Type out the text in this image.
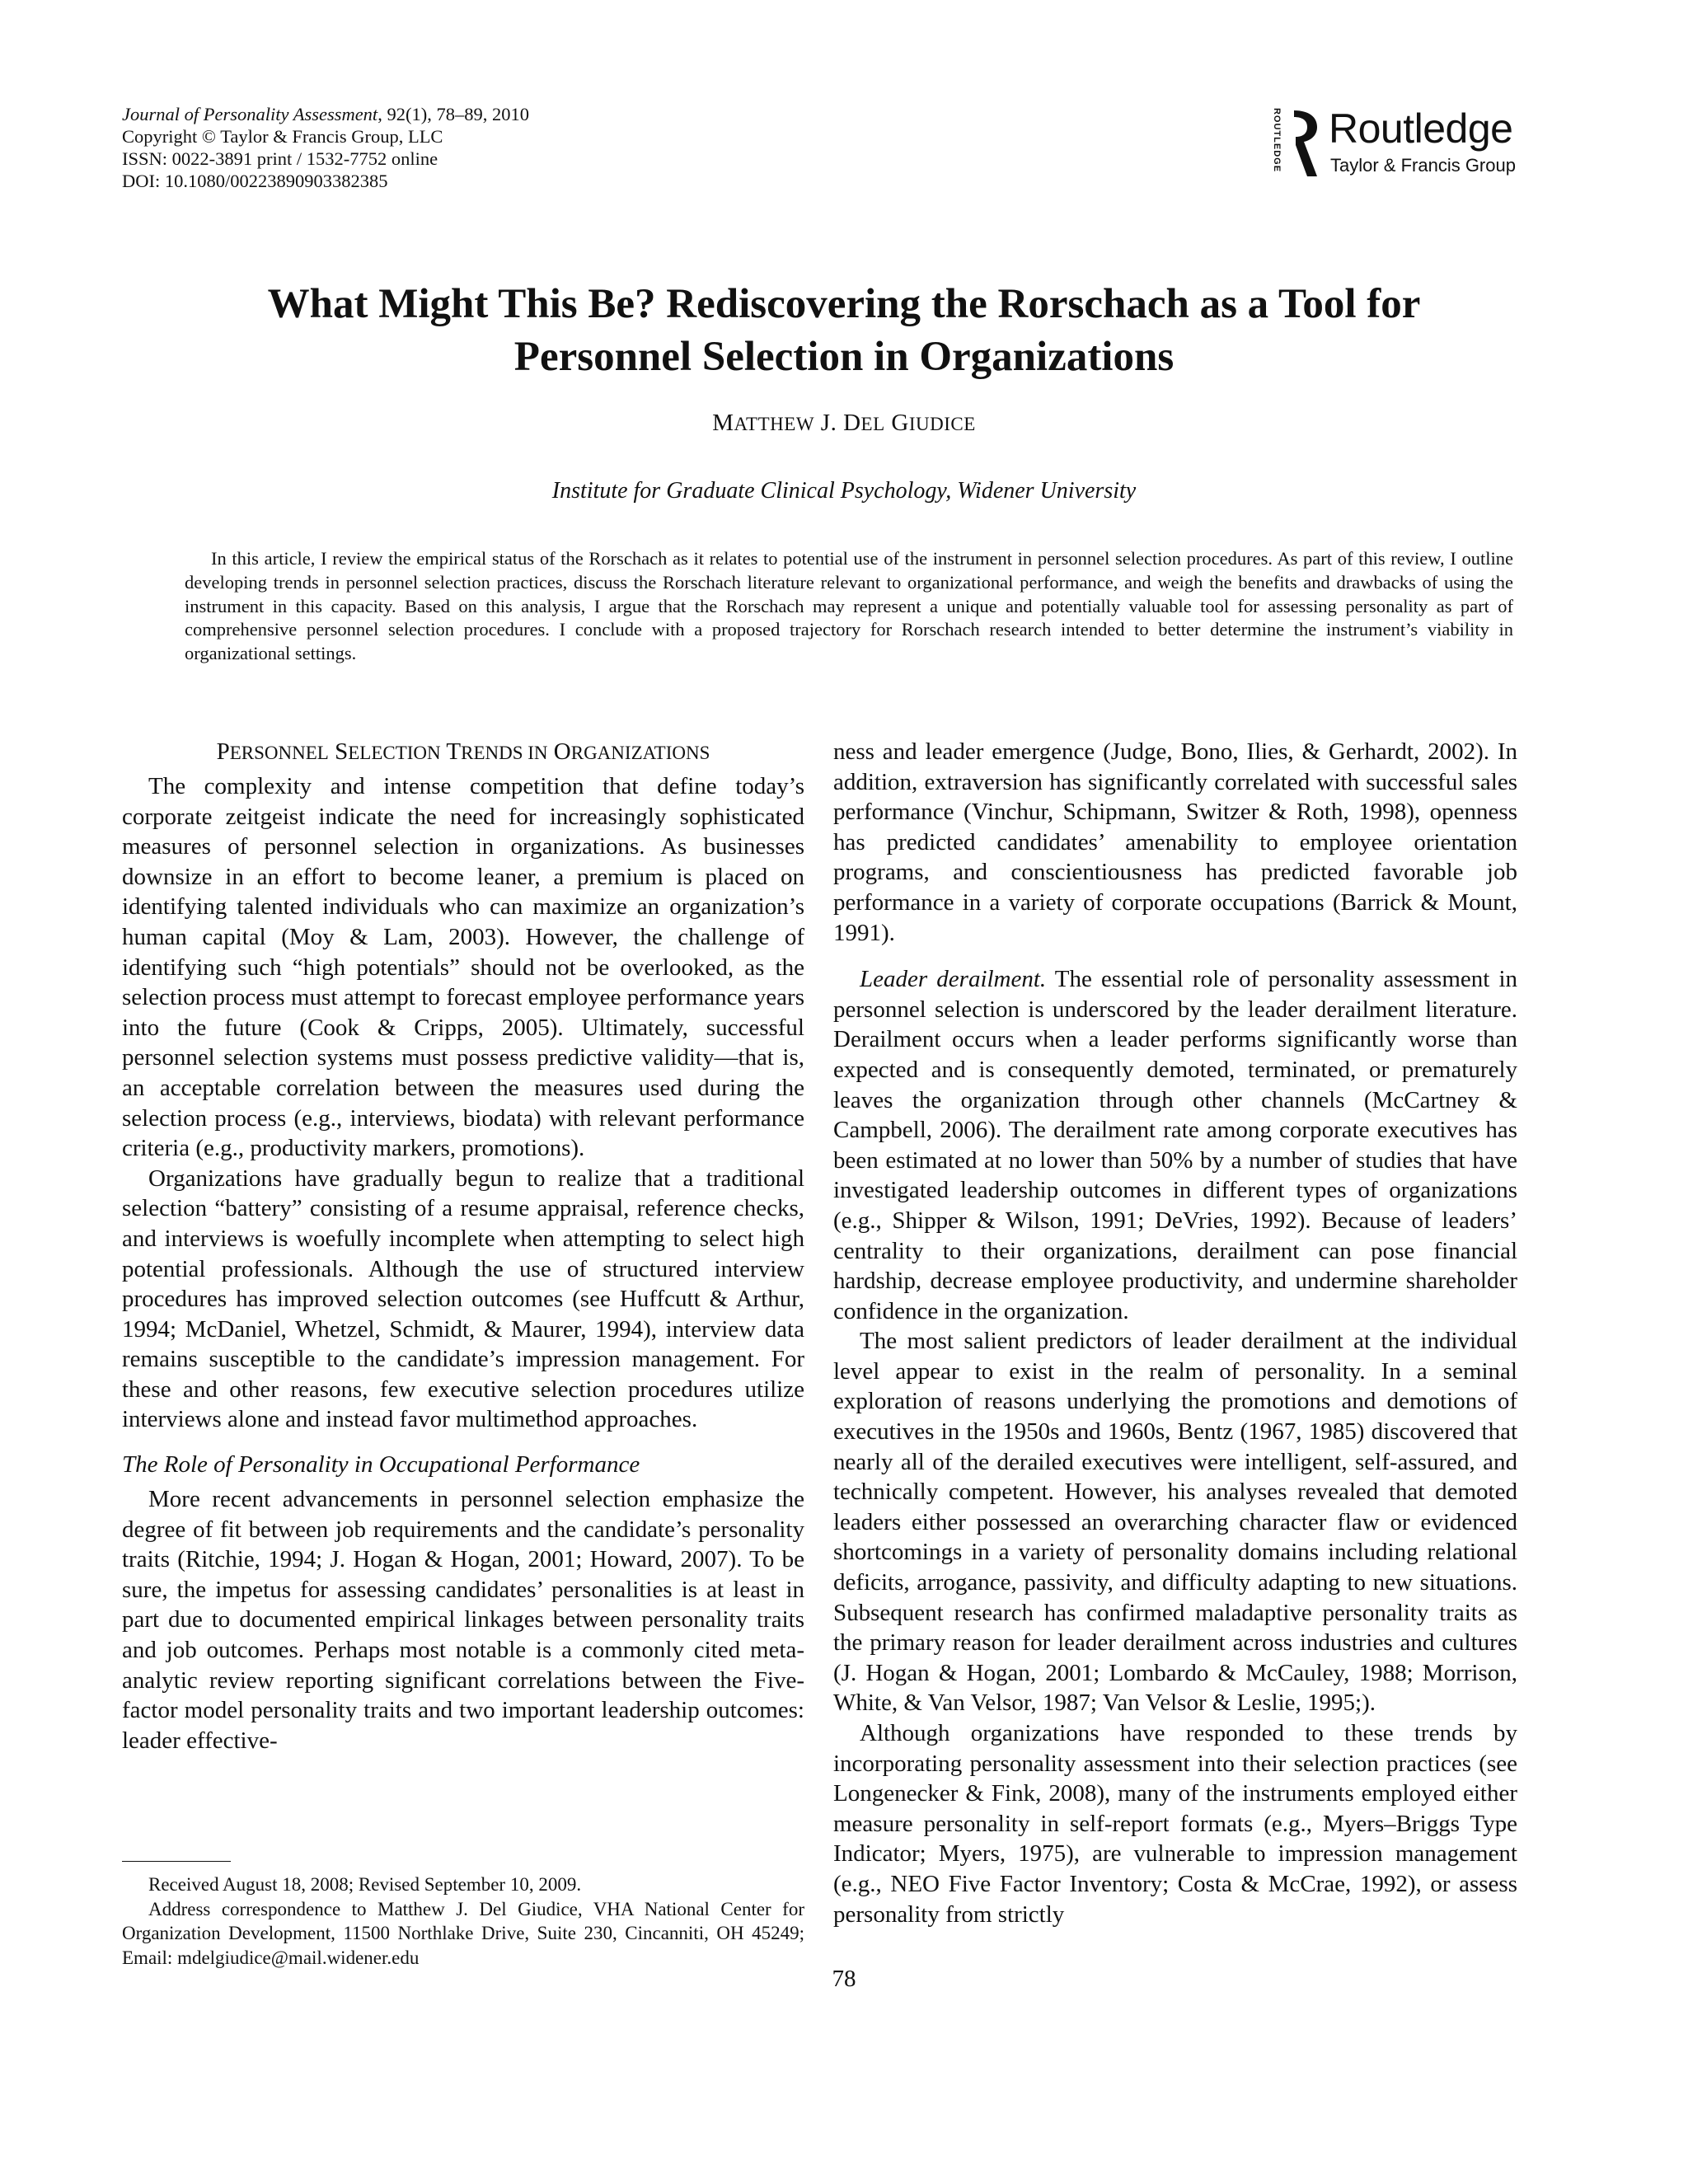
Journal of Personality Assessment, 92(1), 78–89, 2010
Copyright © Taylor & Francis Group, LLC
ISSN: 0022-3891 print / 1532-7752 online
DOI: 10.1080/00223890903382385
ROUTLEDGE Routledge
Taylor & Francis Group
What Might This Be? Rediscovering the Rorschach as a Tool for
Personnel Selection in Organizations
MATTHEW J. DEL GIUDICE
Institute for Graduate Clinical Psychology, Widener University

In this article, I review the empirical status of the Rorschach as it relates to potential use of the instrument in personnel selection procedures. As part of this review, I outline developing trends in personnel selection practices, discuss the Rorschach literature relevant to organizational performance, and weigh the benefits and drawbacks of using the instrument in this capacity. Based on this analysis, I argue that the Rorschach may represent a unique and potentially valuable tool for assessing personality as part of comprehensive personnel selection procedures. I conclude with a proposed trajectory for Rorschach research intended to better determine the instrument’s viability in organizational settings.

PERSONNEL SELECTION TRENDS IN ORGANIZATIONS

The complexity and intense competition that define today’s corporate zeitgeist indicate the need for increasingly sophisticated measures of personnel selection in organizations. As businesses downsize in an effort to become leaner, a premium is placed on identifying talented individuals who can maximize an organization’s human capital (Moy & Lam, 2003). However, the challenge of identifying such “high potentials” should not be overlooked, as the selection process must attempt to forecast employee performance years into the future (Cook & Cripps, 2005). Ultimately, successful personnel selection systems must possess predictive validity—that is, an acceptable correlation between the measures used during the selection process (e.g., interviews, biodata) with relevant performance criteria (e.g., productivity markers, promotions).

Organizations have gradually begun to realize that a traditional selection “battery” consisting of a resume appraisal, reference checks, and interviews is woefully incomplete when attempting to select high potential professionals. Although the use of structured interview procedures has improved selection outcomes (see Huffcutt & Arthur, 1994; McDaniel, Whetzel, Schmidt, & Maurer, 1994), interview data remains susceptible to the candidate’s impression management. For these and other reasons, few executive selection procedures utilize interviews alone and instead favor multimethod approaches.

The Role of Personality in Occupational Performance

More recent advancements in personnel selection emphasize the degree of fit between job requirements and the candidate’s personality traits (Ritchie, 1994; J. Hogan & Hogan, 2001; Howard, 2007). To be sure, the impetus for assessing candidates’ personalities is at least in part due to documented empirical linkages between personality traits and job outcomes. Perhaps most notable is a commonly cited meta-analytic review reporting significant correlations between the Five-factor model personality traits and two important leadership outcomes: leader effective-

ness and leader emergence (Judge, Bono, Ilies, & Gerhardt, 2002). In addition, extraversion has significantly correlated with successful sales performance (Vinchur, Schipmann, Switzer & Roth, 1998), openness has predicted candidates’ amenability to employee orientation programs, and conscientiousness has predicted favorable job performance in a variety of corporate occupations (Barrick & Mount, 1991).

Leader derailment. The essential role of personality assessment in personnel selection is underscored by the leader derailment literature. Derailment occurs when a leader performs significantly worse than expected and is consequently demoted, terminated, or prematurely leaves the organization through other channels (McCartney & Campbell, 2006). The derailment rate among corporate executives has been estimated at no lower than 50% by a number of studies that have investigated leadership outcomes in different types of organizations (e.g., Shipper & Wilson, 1991; DeVries, 1992). Because of leaders’ centrality to their organizations, derailment can pose financial hardship, decrease employee productivity, and undermine shareholder confidence in the organization.

The most salient predictors of leader derailment at the individual level appear to exist in the realm of personality. In a seminal exploration of reasons underlying the promotions and demotions of executives in the 1950s and 1960s, Bentz (1967, 1985) discovered that nearly all of the derailed executives were intelligent, self-assured, and technically competent. However, his analyses revealed that demoted leaders either possessed an overarching character flaw or evidenced shortcomings in a variety of personality domains including relational deficits, arrogance, passivity, and difficulty adapting to new situations. Subsequent research has confirmed maladaptive personality traits as the primary reason for leader derailment across industries and cultures (J. Hogan & Hogan, 2001; Lombardo & McCauley, 1988; Morrison, White, & Van Velsor, 1987; Van Velsor & Leslie, 1995;).

Although organizations have responded to these trends by incorporating personality assessment into their selection practices (see Longenecker & Fink, 2008), many of the instruments employed either measure personality in self-report formats (e.g., Myers–Briggs Type Indicator; Myers, 1975), are vulnerable to impression management (e.g., NEO Five Factor Inventory; Costa & McCrae, 1992), or assess personality from strictly

Received August 18, 2008; Revised September 10, 2009.

Address correspondence to Matthew J. Del Giudice, VHA National Center for Organization Development, 11500 Northlake Drive, Suite 230, Cincanniti, OH 45249; Email: mdelgiudice@mail.widener.edu

78
